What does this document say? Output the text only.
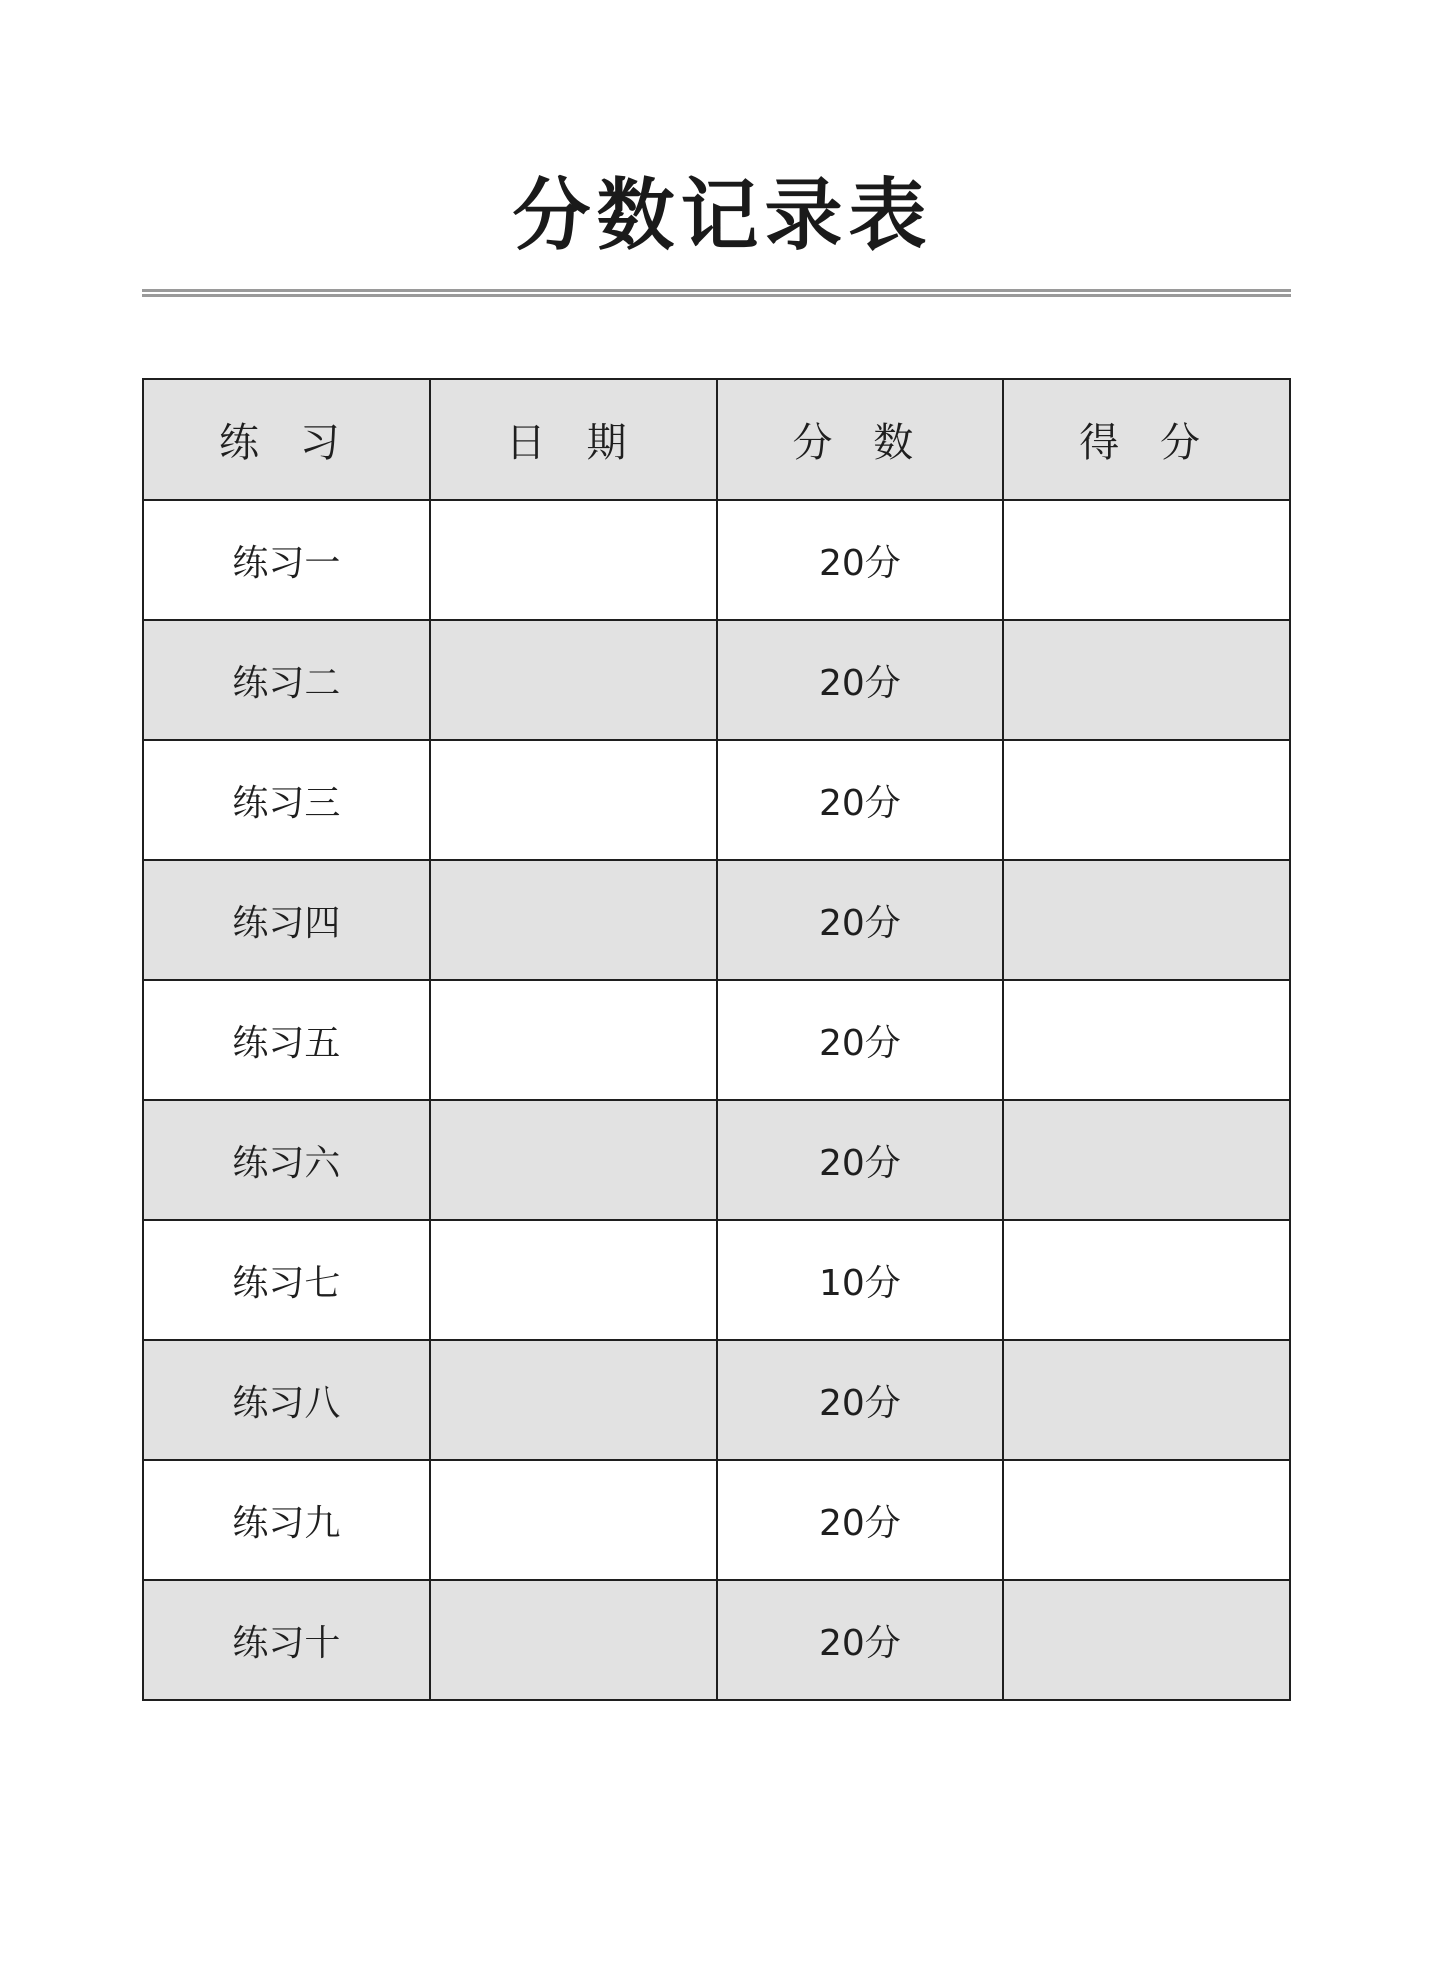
分数记录表
练 习	日 期	分 数	得 分
练习一		20分	
练习二		20分	
练习三		20分	
练习四		20分	
练习五		20分	
练习六		20分	
练习七		10分	
练习八		20分	
练习九		20分	
练习十		20分	
